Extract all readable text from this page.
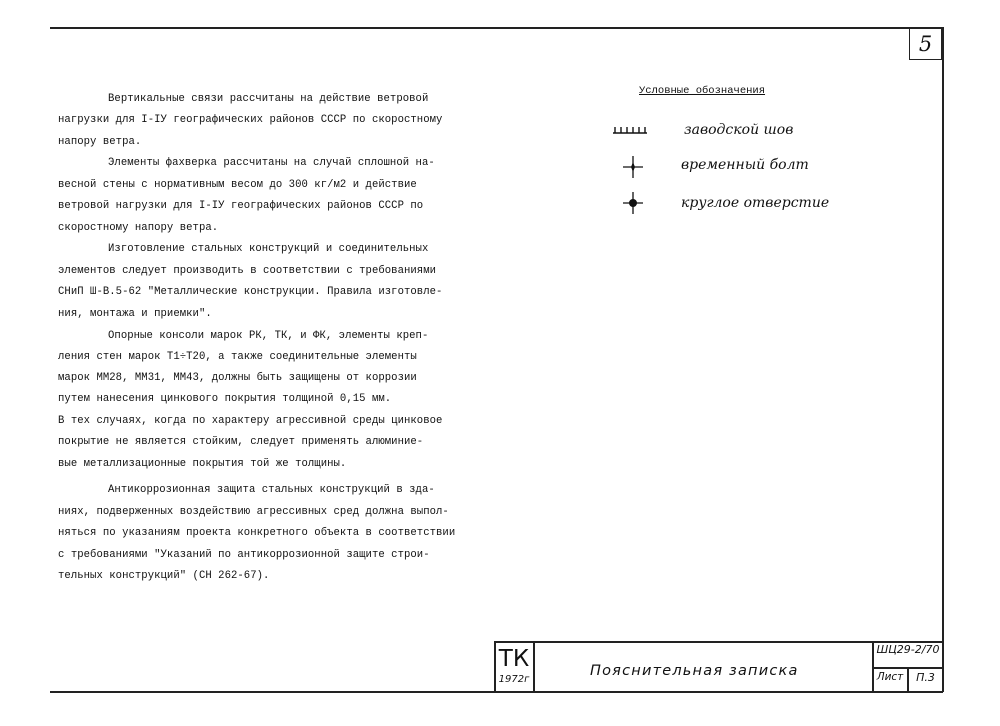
5
Вертикальные связи рассчитаны на действие ветровой
нагрузки для I-IУ географических районов СССР по скоростному
напору ветра.
Элементы фахверка рассчитаны на случай сплошной на-
весной стены с нормативным весом до 300 кг/м2 и действие
ветровой нагрузки для I-IУ географических районов СССР по
скоростному напору ветра.
Изготовление стальных конструкций и соединительных
элементов следует производить в соответствии с требованиями
СНиП Ш-В.5-62 "Металлические конструкции. Правила изготовле-
ния, монтажа и приемки".
Опорные консоли марок РК, ТК, и ФК, элементы креп-
ления стен марок Т1÷Т20, а также соединительные элементы
марок ММ28, ММ31, ММ43, должны быть защищены от коррозии
путем нанесения цинкового покрытия толщиной 0,15 мм.
В тех случаях, когда по характеру агрессивной среды цинковое
покрытие не является стойким, следует применять алюминие-
вые металлизационные покрытия той же толщины.
Антикоррозионная защита стальных конструкций в зда-
ниях, подверженных воздействию агрессивных сред должна выпол-
няться по указаниям проекта конкретного объекта в соответствии
с требованиями "Указаний по антикоррозионной защите строи-
тельных конструкций" (СН 262-67).
Условные обозначения
заводской шов
временный болт
круглое отверстие
ТК
1972г
Пояснительная записка
ШЦ29-2/70
Лист	П.3
